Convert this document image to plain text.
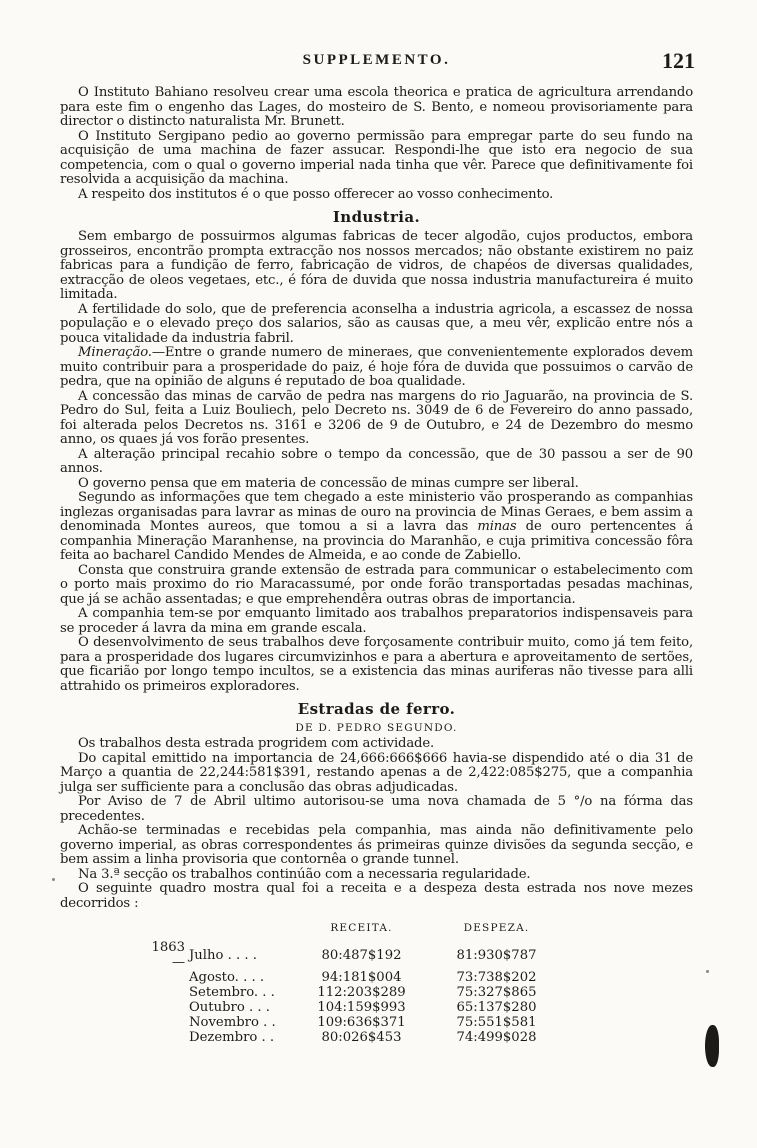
SUPPLEMENTO.	121

O Instituto Bahiano resolveu crear uma escola theorica e pratica de agricultura arrendando para este fim o engenho das Lages, do mosteiro de S. Bento, e nomeou provisoriamente para director o distincto naturalista Mr. Brunett.

O Instituto Sergipano pedio ao governo permissão para empregar parte do seu fundo na acquisição de uma machina de fazer assucar. Respondi-lhe que isto era negocio de sua competencia, com o qual o governo imperial nada tinha que vêr. Parece que definitivamente foi resolvida a acquisição da machina.

A respeito dos institutos é o que posso offerecer ao vosso conhecimento.

Industria.

Sem embargo de possuirmos algumas fabricas de tecer algodão, cujos productos, embora grosseiros, encontrão prompta extracção nos nossos mercados; não obstante existirem no paiz fabricas para a fundição de ferro, fabricação de vidros, de chapéos de diversas qualidades, extracção de oleos vegetaes, etc., é fóra de duvida que nossa industria manufactureira é muito limitada.

A fertilidade do solo, que de preferencia aconselha a industria agricola, a escassez de nossa população e o elevado preço dos salarios, são as causas que, a meu vêr, explicão entre nós a pouca vitalidade da industria fabril.

Mineração.—Entre o grande numero de mineraes, que convenientemente explorados devem muito contribuir para a prosperidade do paiz, é hoje fóra de duvida que possuimos o carvão de pedra, que na opinião de alguns é reputado de boa qualidade.

A concessão das minas de carvão de pedra nas margens do rio Jaguarão, na provincia de S. Pedro do Sul, feita a Luiz Bouliech, pelo Decreto ns. 3049 de 6 de Fevereiro do anno passado, foi alterada pelos Decretos ns. 3161 e 3206 de 9 de Outubro, e 24 de Dezembro do mesmo anno, os quaes já vos forão presentes.

A alteração principal recahio sobre o tempo da concessão, que de 30 passou a ser de 90 annos.

O governo pensa que em materia de concessão de minas cumpre ser liberal.

Segundo as informações que tem chegado a este ministerio vão prosperando as companhias inglezas organisadas para lavrar as minas de ouro na provincia de Minas Geraes, e bem assim a denominada Montes aureos, que tomou a si a lavra das minas de ouro pertencentes á companhia Mineração Maranhense, na provincia do Maranhão, e cuja primitiva concessão fôra feita ao bacharel Candido Mendes de Almeida, e ao conde de Zabiello.

Consta que construira grande extensão de estrada para communicar o estabelecimento com o porto mais proximo do rio Maracassumé, por onde forão transportadas pesadas machinas, que já se achão assentadas; e que emprehendêra outras obras de importancia.

A companhia tem-se por emquanto limitado aos trabalhos preparatorios indispensaveis para se proceder á lavra da mina em grande escala.

O desenvolvimento de seus trabalhos deve forçosamente contribuir muito, como já tem feito, para a prosperidade dos lugares circumvizinhos e para a abertura e aproveitamento de sertões, que ficarião por longo tempo incultos, se a existencia das minas auriferas não tivesse para alli attrahido os primeiros exploradores.

Estradas de ferro.
DE D. PEDRO SEGUNDO.

Os trabalhos desta estrada progridem com actividade.

Do capital emittido na importancia de 24,666:666$666 havia-se dispendido até o dia 31 de Março a quantia de 22,244:581$391, restando apenas a de 2,422:085$275, que a companhia julga ser sufficiente para a conclusão das obras adjudicadas.

Por Aviso de 7 de Abril ultimo autorisou-se uma nova chamada de 5 °/o na fórma das precedentes.

Achão-se terminadas e recebidas pela companhia, mas ainda não definitivamente pelo governo imperial, as obras correspondentes ás primeiras quinze divisões da segunda secção, e bem assim a linha provisoria que contornêa o grande tunnel.

Na 3.ª secção os trabalhos continúão com a necessaria regularidade.

O seguinte quadro mostra qual foi a receita e a despeza desta estrada nos nove mezes decorridos :

		RECEITA.	DESPEZA.
1863 —	Julho . . . .	80:487$192	81:930$787
	Agosto. . . .	94:181$004	73:738$202
	Setembro. . .	112:203$289	75:327$865
	Outubro . . .	104:159$993	65:137$280
	Novembro . .	109:636$371	75:551$581
	Dezembro . .	80:026$453	74:499$028
